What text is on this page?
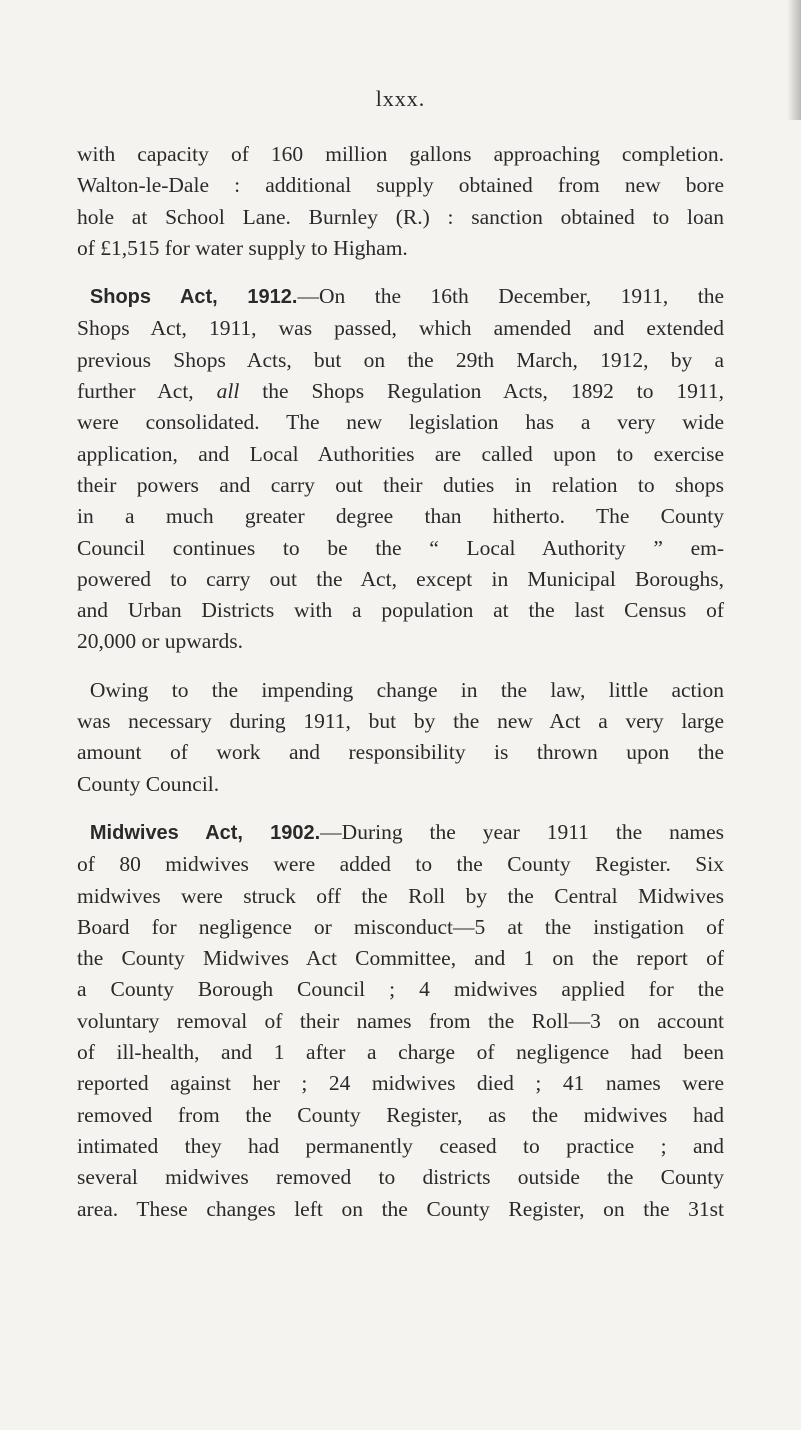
lxxx.
with capacity of 160 million gallons approaching completion.
Walton-le-Dale : additional supply obtained from new bore
hole at School Lane. Burnley (R.) : sanction obtained to loan
of £1,515 for water supply to Higham.
Shops Act, 1912.—On the 16th December, 1911, the
Shops Act, 1911, was passed, which amended and extended
previous Shops Acts, but on the 29th March, 1912, by a
further Act, all the Shops Regulation Acts, 1892 to 1911,
were consolidated. The new legislation has a very wide
application, and Local Authorities are called upon to exercise
their powers and carry out their duties in relation to shops
in a much greater degree than hitherto. The County
Council continues to be the “ Local Authority ” em-
powered to carry out the Act, except in Municipal Boroughs,
and Urban Districts with a population at the last Census of
20,000 or upwards.
Owing to the impending change in the law, little action
was necessary during 1911, but by the new Act a very large
amount of work and responsibility is thrown upon the
County Council.
Midwives Act, 1902.—During the year 1911 the names
of 80 midwives were added to the County Register. Six
midwives were struck off the Roll by the Central Midwives
Board for negligence or misconduct—5 at the instigation of
the County Midwives Act Committee, and 1 on the report of
a County Borough Council ; 4 midwives applied for the
voluntary removal of their names from the Roll—3 on account
of ill-health, and 1 after a charge of negligence had been
reported against her ; 24 midwives died ; 41 names were
removed from the County Register, as the midwives had
intimated they had permanently ceased to practice ; and
several midwives removed to districts outside the County
area. These changes left on the County Register, on the 31st
